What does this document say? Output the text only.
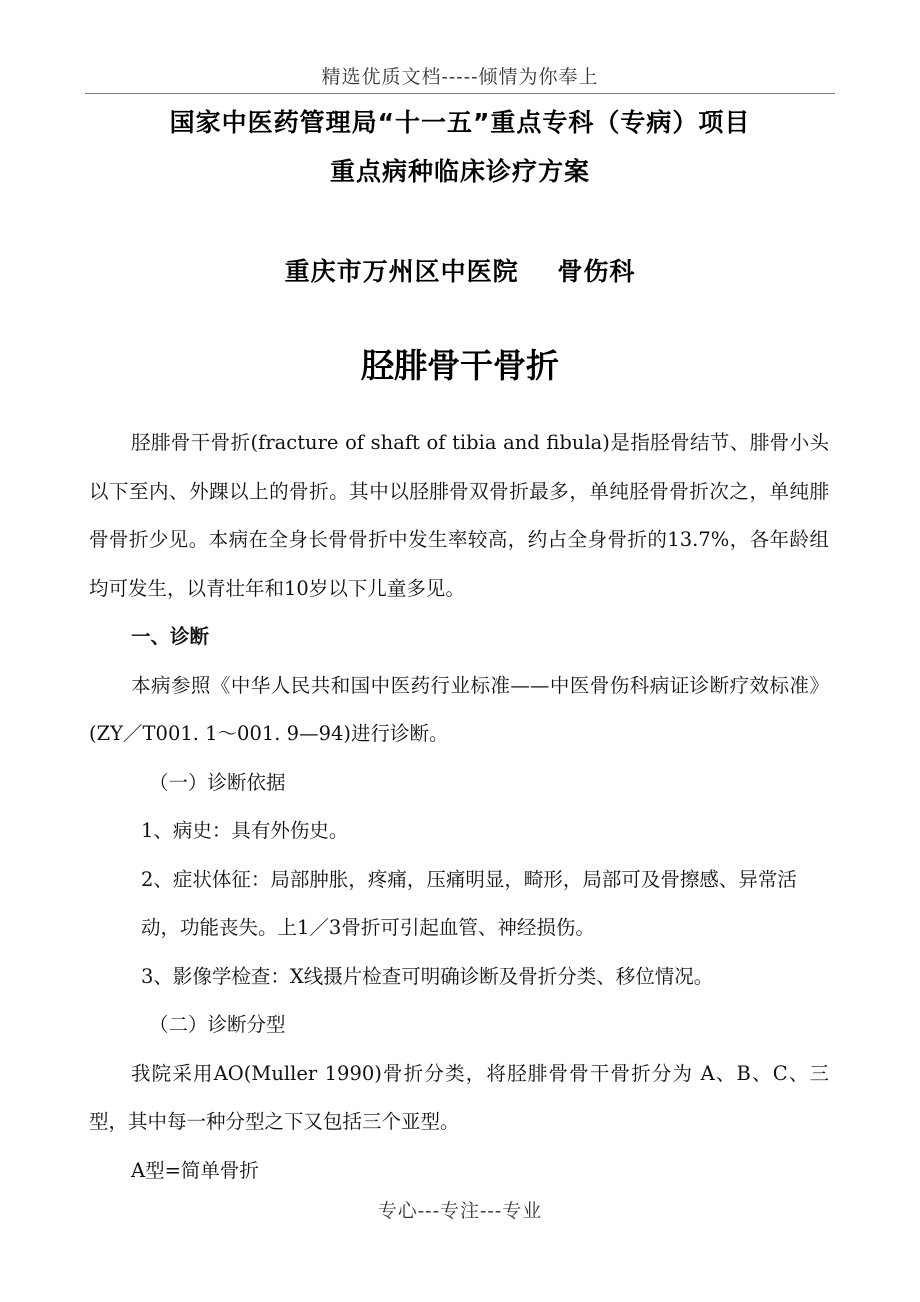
精选优质文档-----倾情为你奉上
国家中医药管理局“十一五”重点专科（专病）项目
重点病种临床诊疗方案
重庆市万州区中医院    骨伤科
胫腓骨干骨折

胫腓骨干骨折(fracture of shaft of tibia and fibula)是指胫骨结节、腓骨小头以下至内、外踝以上的骨折。其中以胫腓骨双骨折最多，单纯胫骨骨折次之，单纯腓骨骨折少见。本病在全身长骨骨折中发生率较高，约占全身骨折的13.7%，各年龄组均可发生，以青壮年和10岁以下儿童多见。

一、诊断

本病参照《中华人民共和国中医药行业标准——中医骨伤科病证诊断疗效标准》(ZY／T001. 1～001. 9—94)进行诊断。

（一）诊断依据

1、病史：具有外伤史。

2、症状体征：局部肿胀，疼痛，压痛明显，畸形，局部可及骨擦感、异常活

动，功能丧失。上1／3骨折可引起血管、神经损伤。

3、影像学检查：X线摄片检查可明确诊断及骨折分类、移位情况。

（二）诊断分型

我院采用AO(Muller 1990)骨折分类，将胫腓骨骨干骨折分为 A、B、C、三型，其中每一种分型之下又包括三个亚型。

A型=简单骨折

专心---专注---专业
